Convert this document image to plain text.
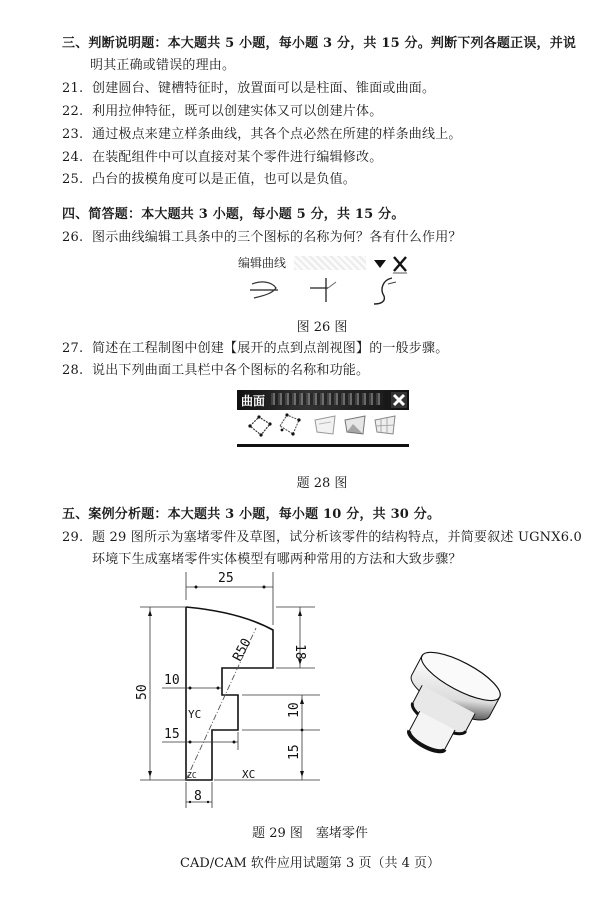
三、判断说明题：本大题共 5 小题，每小题 3 分，共 15 分。判断下列各题正误，并说
明其正确或错误的理由。
21. 创建圆台、键槽特征时，放置面可以是柱面、锥面或曲面。
22. 利用拉伸特征，既可以创建实体又可以创建片体。
23. 通过极点来建立样条曲线，其各个点必然在所建的样条曲线上。
24. 在装配组件中可以直接对某个零件进行编辑修改。
25. 凸台的拔模角度可以是正值，也可以是负值。
四、简答题：本大题共 3 小题，每小题 5 分，共 15 分。
26. 图示曲线编辑工具条中的三个图标的名称为何？各有什么作用？
编辑曲线
图 26 图
27. 简述在工程制图中创建【展开的点到点剖视图】的一般步骤。
28. 说出下列曲面工具栏中各个图标的名称和功能。
曲面
题 28 图
五、案例分析题：本大题共 3 小题，每小题 10 分，共 30 分。
29. 题 29 图所示为塞堵零件及草图，试分析该零件的结构特点，并简要叙述 UGNX6.0
环境下生成塞堵零件实体模型有哪两种常用的方法和大致步骤？
25
50
18
R50
10
10
15
15
8
YC
XC
ZC
题 29 图　塞堵零件
CAD/CAM 软件应用试题第 3 页（共 4 页）
